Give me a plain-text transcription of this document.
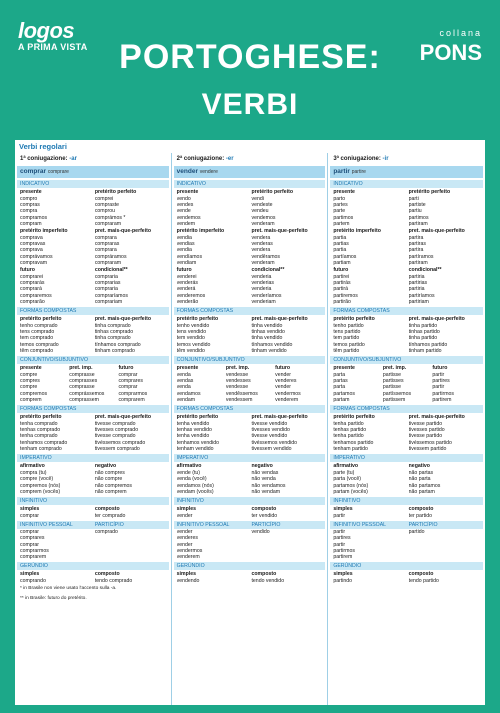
logos
A PRIMA VISTA
collana
PONS
PORTOGHESE:
VERBI
Verbi regolari
1ª coniugazione: -ar
comprar comprare
INDICATIVO
presente	pretérito perfeito
compro	comprei
compras	compraste
compra	comprou
compramos	comprámos *
compram	compraram
pretérito imperfeito	pret. mais-que-perfeito
comprava	comprara
compravas	compraras
comprava	comprara
comprávamos	compráramos
compravam	compraram
futuro	condicional**
comprarei	compraria
comprarás	comprarias
comprará	compraria
compraremos	compraríamos
comprarão	comprariam
FORMAS COMPOSTAS
pretérito perfeito	pret. mais-que-perfeito
tenho comprado	tinha comprado
tens comprado	tinhas comprado
tem comprado	tinha comprado
temos comprado	tínhamos comprado
têm comprado	tinham comprado
CONJUNTIVO/SUBJUNTIVO
presente	pret. imp.	futuro
compre	comprasse	comprar
compres	comprasses	comprares
compre	comprasse	comprar
compremos	comprássemos	comprarmos
comprem	comprassem	comprarem
FORMAS COMPOSTAS
pretérito perfeito	pret. mais-que-perfeito
tenha comprado	tivesse comprado
tenhas comprado	tivesses comprado
tenha comprado	tivesse comprado
tenhamos comprado	tivéssemos comprado
tenham comprado	tivessem comprado
IMPERATIVO
afirmativo	negativo
compra (tu)	não compres
compre (você)	não compre
compremos (nós)	não compremos
comprem (vocês)	não comprem
INFINITIVO
simples	composto
comprar	ter comprado
INFINITIVO PESSOAL	PARTICÍPIO
comprar	comprado
comprares
comprar
comprarmos
comprarem
GERÚNDIO
simples	composto
comprando	tendo comprado
* in Brasile non viene usato l'accento sulla -a.
** in Brasile: futuro do pretérito.
2ª coniugazione: -er
vender vendere
INDICATIVO
presente	pretérito perfeito
vendo	vendi
vendes	vendeste
vende	vendeu
vendemos	vendemos
vendem	venderam
pretérito imperfeito	pret. mais-que-perfeito
vendia	vendera
vendias	venderas
vendia	vendera
vendíamos	vendêramos
vendiam	venderam
futuro	condicional**
venderei	venderia
venderás	venderias
venderá	venderia
venderemos	venderíamos
venderão	venderiam
FORMAS COMPOSTAS
pretérito perfeito	pret. mais-que-perfeito
tenho vendido	tinha vendido
tens vendido	tinhas vendido
tem vendido	tinha vendido
temos vendido	tínhamos vendido
têm vendido	tinham vendido
CONJUNTIVO/SUBJUNTIVO
presente	pret. imp.	futuro
venda	vendesse	vender
vendas	vendesses	venderes
venda	vendesse	vender
vendamos	vendêssemos	vendermos
vendam	vendessem	venderem
FORMAS COMPOSTAS
pretérito perfeito	pret. mais-que-perfeito
tenha vendido	tivesse vendido
tenhas vendido	tivesses vendido
tenha vendido	tivesse vendido
tenhamos vendido	tivéssemos vendido
tenham vendido	tivessem vendido
IMPERATIVO
afirmativo	negativo
vende (tu)	não vendas
venda (você)	não venda
vendamos (nós)	não vendamos
vendam (vocês)	não vendam
INFINITIVO
simples	composto
vender	ter vendido
INFINITIVO PESSOAL	PARTICÍPIO
vender	vendido
venderes
vender
vendermos
venderem
GERÚNDIO
simples	composto
vendendo	tendo vendido
3ª coniugazione: -ir
partir partire
INDICATIVO
presente	pretérito perfeito
parto	parti
partes	partiste
parte	partiu
partimos	partimos
partem	partiram
pretérito imperfeito	pret. mais-que-perfeito
partia	partira
partias	partiras
partia	partira
partíamos	partíramos
partiam	partiram
futuro	condicional**
partirei	partiria
partirás	partirias
partirá	partiria
partiremos	partiríamos
partirão	partiriam
FORMAS COMPOSTAS
pretérito perfeito	pret. mais-que-perfeito
tenho partido	tinha partido
tens partido	tinhas partido
tem partido	tinha partido
temos partido	tínhamos partido
têm partido	tinham partido
CONJUNTIVO/SUBJUNTIVO
presente	pret. imp.	futuro
parta	partisse	partir
partas	partisses	partires
parta	partisse	partir
partamos	partíssemos	partirmos
partam	partissem	partirem
FORMAS COMPOSTAS
pretérito perfeito	pret. mais-que-perfeito
tenha partido	tivesse partido
tenhas partido	tivesses partido
tenha partido	tivesse partido
tenhamos partido	tivéssemos partido
tenham partido	tivessem partido
IMPERATIVO
afirmativo	negativo
parte (tu)	não partas
parta (você)	não parta
partamos (nós)	não partamos
partam (vocês)	não partam
INFINITIVO
simples	composto
partir	ter partido
INFINITIVO PESSOAL	PARTICÍPIO
partir	partido
partires
partir
partirmos
partirem
GERÚNDIO
simples	composto
partindo	tendo partido
